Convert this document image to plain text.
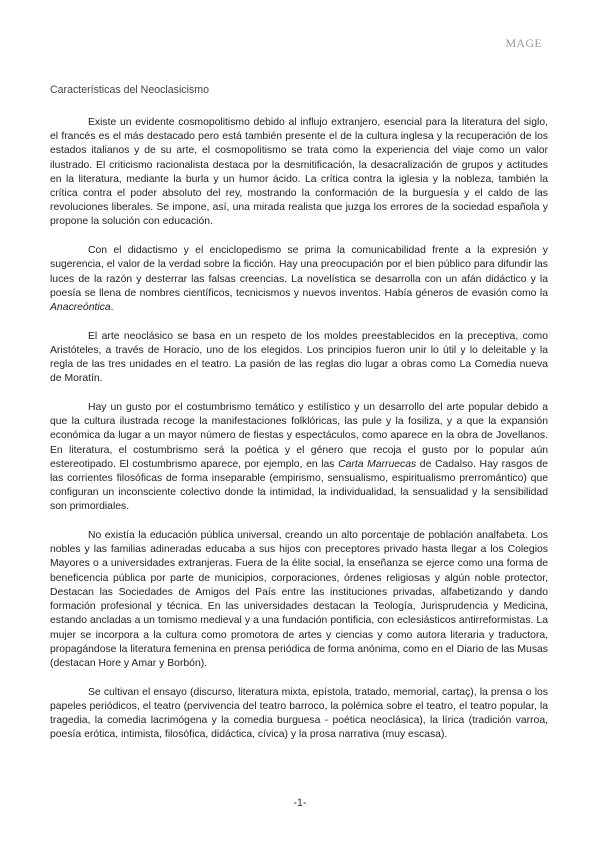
MAGE
Características del Neoclasicismo

Existe un evidente cosmopolitismo debido al influjo extranjero, esencial para la literatura del siglo, el francés es el más destacado pero está también presente el de la cultura inglesa y la recuperación de los estados italianos y de su arte, el cosmopolitismo se trata como la experiencia del viaje como un valor ilustrado. El criticismo racionalista destaca por la desmitificación, la desacralización de grupos y actitudes en la literatura, mediante la burla y un humor ácido. La crítica contra la iglesia y la nobleza, también la crítica contra el poder absoluto del rey, mostrando la conformación de la burguesía y el caldo de las revoluciones liberales. Se impone, así, una mirada realista que juzga los errores de la sociedad española y propone la solución con educación.

Con el didactismo y el enciclopedismo se prima la comunicabilidad frente a la expresión y sugerencia, el valor de la verdad sobre la ficción. Hay una preocupación por el bien público para difundir las luces de la razón y desterrar las falsas creencias. La novelística se desarrolla con un afán didáctico y la poesía se llena de nombres científicos, tecnicismos y nuevos inventos. Había géneros de evasión como la Anacreóntica.

El arte neoclásico se basa en un respeto de los moldes preestablecidos en la preceptiva, como Aristóteles, a través de Horacio, uno de los elegidos. Los principios fueron unir lo útil y lo deleitable y la regla de las tres unidades en el teatro. La pasión de las reglas dio lugar a obras como La Comedia nueva de Moratín.

Hay un gusto por el costumbrismo temático y estilístico y un desarrollo del arte popular debido a que la cultura ilustrada recoge la manifestaciones folklóricas, las pule y la fosiliza, y a que la expansión económica da lugar a un mayor número de fiestas y espectáculos, como aparece en la obra de Jovellanos. En literatura, el costumbrismo será la poética y el género que recoja el gusto por lo popular aún estereotipado. El costumbrismo aparece, por ejemplo, en las Carta Marruecas de Cadalso. Hay rasgos de las corrientes filosóficas de forma inseparable (empirismo, sensualismo, espiritualismo prerromántico) que configuran un inconsciente colectivo donde la intimidad, la individualidad, la sensualidad y la sensibilidad son primordiales.

No existía la educación pública universal, creando un alto porcentaje de población analfabeta. Los nobles y las familias adineradas educaba a sus hijos con preceptores privado hasta llegar a los Colegios Mayores o a universidades extranjeras. Fuera de la élite social, la enseñanza se ejerce como una forma de beneficencia pública por parte de municipios, corporaciones, órdenes religiosas y algún noble protector, Destacan las Sociedades de Amigos del País entre las instituciones privadas, alfabetizando y dando formación profesional y técnica. En las universidades destacan la Teología, Jurisprudencia y Medicina, estando ancladas a un tomismo medieval y a una fundación pontificia, con eclesiásticos antirreformistas. La mujer se incorpora a la cultura como promotora de artes y ciencias y como autora literaria y traductora, propagándose la literatura femenina en prensa periódica de forma anónima, como en el Diario de las Musas (destacan Hore y Amar y Borbón).

Se cultivan el ensayo (discurso, literatura mixta, epístola, tratado, memorial, cartaç), la prensa o los papeles periódicos, el teatro (pervivencia del teatro barroco, la polémica sobre el teatro, el teatro popular, la tragedia, la comedia lacrimógena y la comedia burguesa - poética neoclásica), la lírica (tradición varroa, poesía erótica, intimista, filosófica, didáctica, cívica) y la prosa narrativa (muy escasa).

-1-
